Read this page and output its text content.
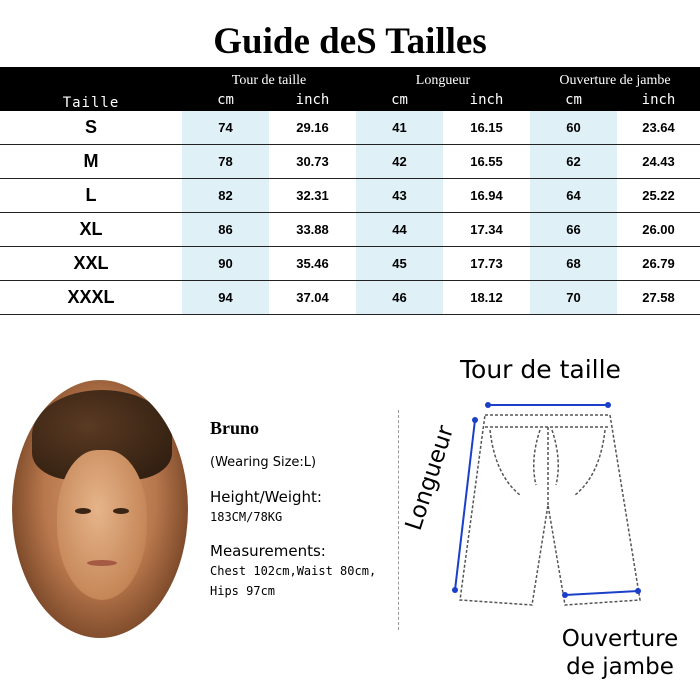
Guide deS Tailles
Taille	Tour de taille		Longueur		Ouverture de jambe	
	cm	inch	cm	inch	cm	inch
S	74	29.16	41	16.15	60	23.64
M	78	30.73	42	16.55	62	24.43
L	82	32.31	43	16.94	64	25.22
XL	86	33.88	44	17.34	66	26.00
XXL	90	35.46	45	17.73	68	26.79
XXXL	94	37.04	46	18.12	70	27.58
Bruno
(Wearing Size:L)
Height/Weight:
183CM/78KG
Measurements:
Chest 102cm,Waist 80cm,
Hips 97cm
Tour de taille
Longueur
Ouverture
de jambe
